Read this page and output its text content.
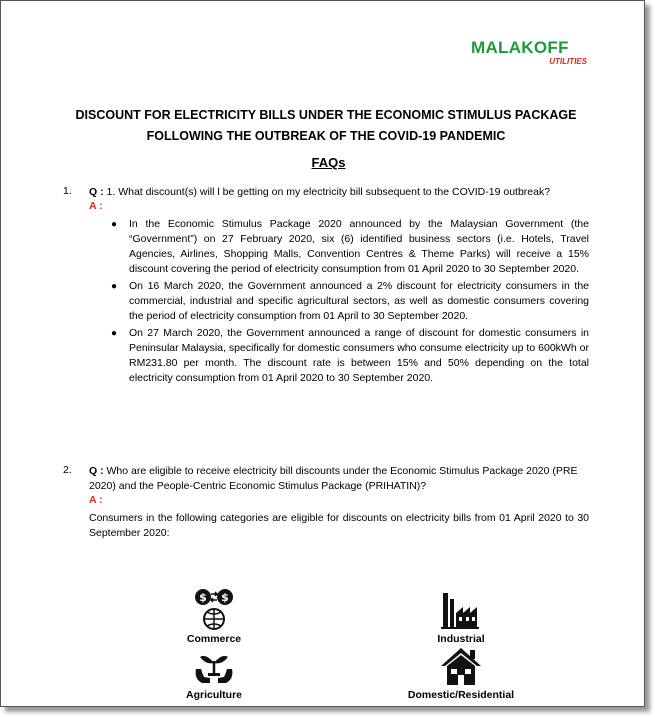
MALAKOFF
UTILITIES
DISCOUNT FOR ELECTRICITY BILLS UNDER THE ECONOMIC STIMULUS PACKAGE
FOLLOWING THE OUTBREAK OF THE COVID-19 PANDEMIC
FAQs
1. Q : 1. What discount(s) will l be getting on my electricity bill subsequent to the COVID-19 outbreak?
A :
● In the Economic Stimulus Package 2020 announced by the Malaysian Government (the “Government”) on 27 February 2020, six (6) identified business sectors (i.e. Hotels, Travel Agencies, Airlines, Shopping Malls, Convention Centres & Theme Parks) will receive a 15% discount covering the period of electricity consumption from 01 April 2020 to 30 September 2020.
● On 16 March 2020, the Government announced a 2% discount for electricity consumers in the commercial, industrial and specific agricultural sectors, as well as domestic consumers covering the period of electricity consumption from 01 April to 30 September 2020.
● On 27 March 2020, the Government announced a range of discount for domestic consumers in Peninsular Malaysia, specifically for domestic consumers who consume electricity up to 600kWh or RM231.80 per month. The discount rate is between 15% and 50% depending on the total electricity consumption from 01 April 2020 to 30 September 2020.
2. Q : Who are eligible to receive electricity bill discounts under the Economic Stimulus Package 2020 (PRE 2020) and the People-Centric Economic Stimulus Package (PRIHATIN)?
A :
Consumers in the following categories are eligible for discounts on electricity bills from 01 April 2020 to 30 September 2020:
$ $
Commerce	Industrial
Agriculture	Domestic/Residential
